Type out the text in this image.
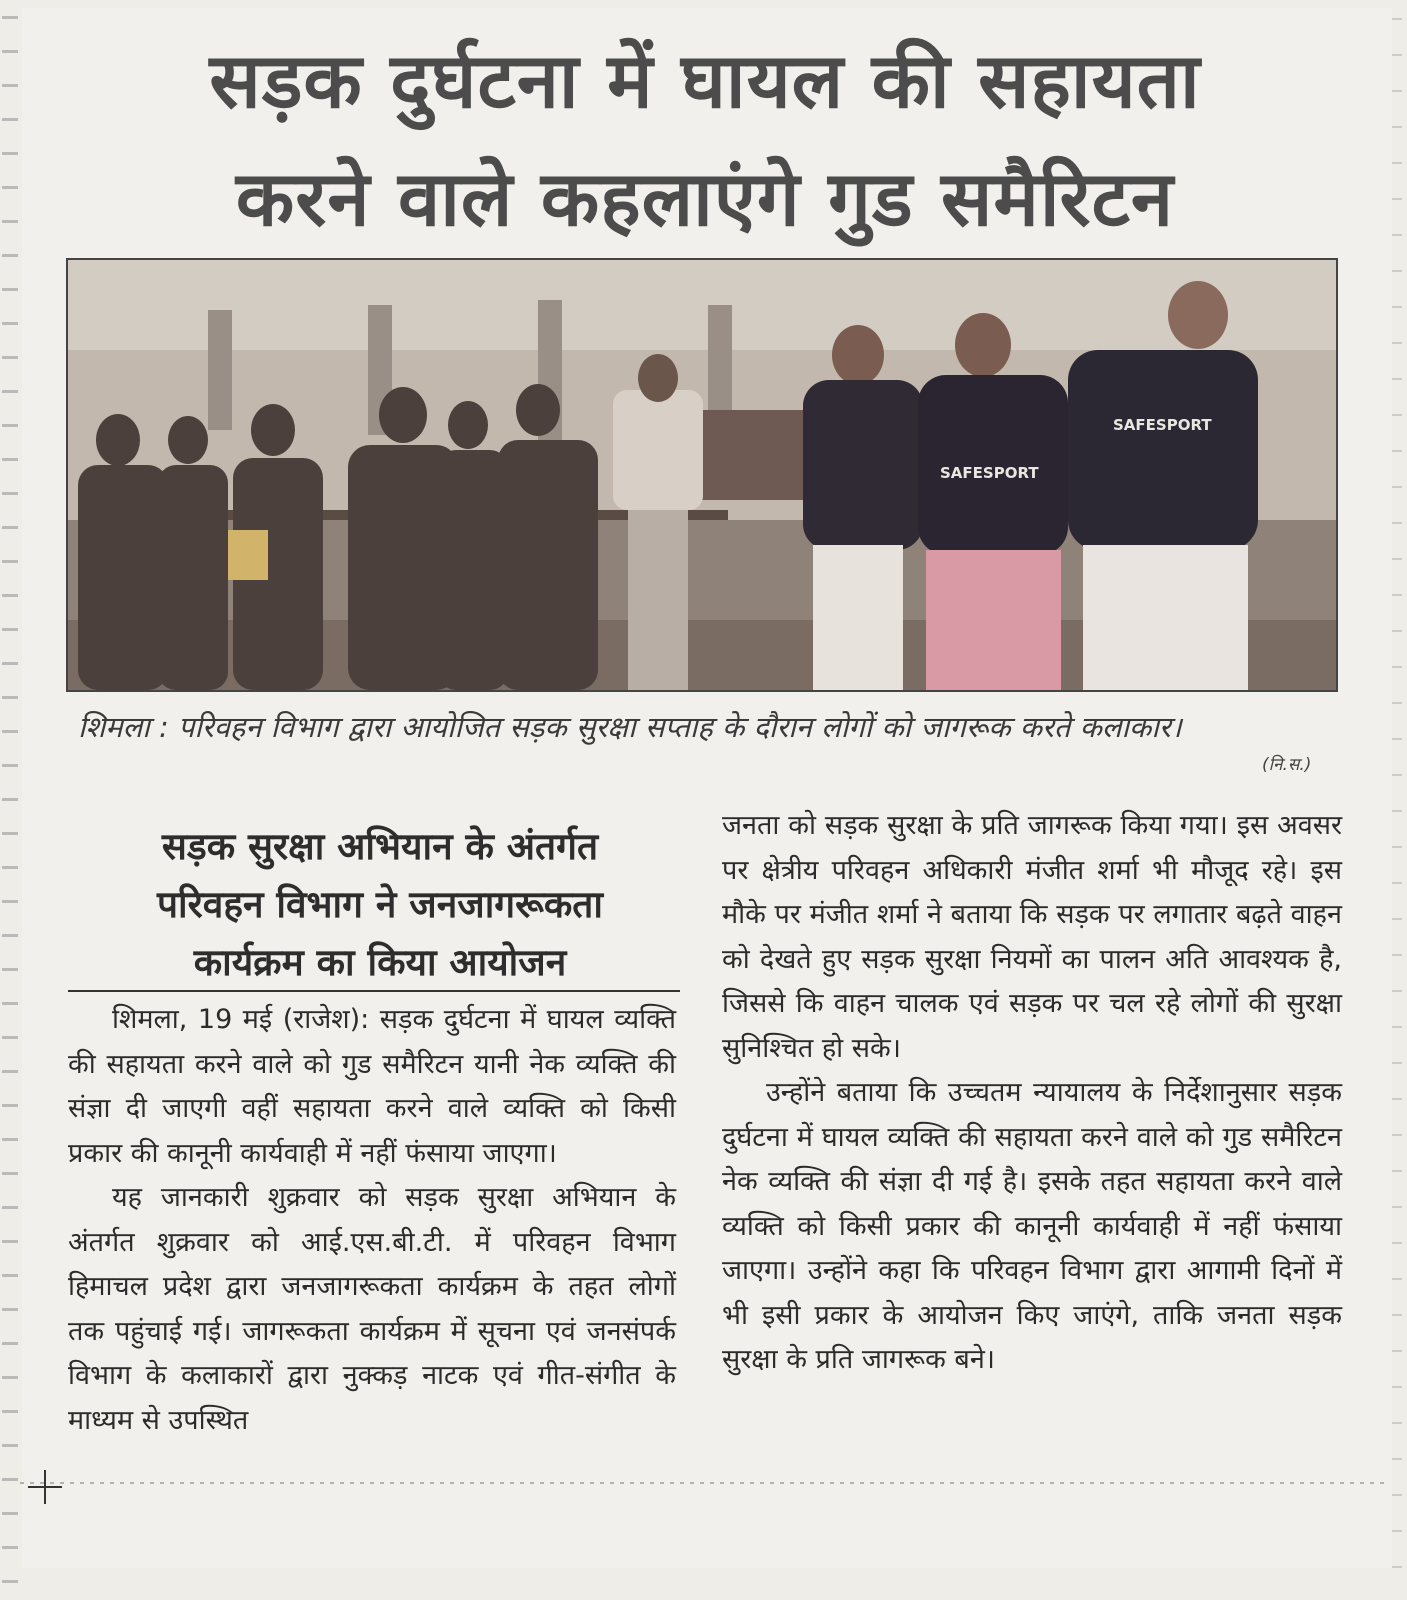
सड़क दुर्घटना में घायल की सहायता
करने वाले कहलाएंगे गुड समैरिटन
SAFESPORT
SAFESPORT
शिमला : परिवहन विभाग द्वारा आयोजित सड़क सुरक्षा सप्ताह के दौरान लोगों को जागरूक करते कलाकार।
(नि.स.)
सड़क सुरक्षा अभियान के अंतर्गत
परिवहन विभाग ने जनजागरूकता
कार्यक्रम का किया आयोजन

शिमला, 19 मई (राजेश): सड़क दुर्घटना में घायल व्यक्ति की सहायता करने वाले को गुड समैरिटन यानी नेक व्यक्ति की संज्ञा दी जाएगी वहीं सहायता करने वाले व्यक्ति को किसी प्रकार की कानूनी कार्यवाही में नहीं फंसाया जाएगा।

यह जानकारी शुक्रवार को सड़क सुरक्षा अभियान के अंतर्गत शुक्रवार को आई.एस.बी.टी. में परिवहन विभाग हिमाचल प्रदेश द्वारा जनजागरूकता कार्यक्रम के तहत लोगों तक पहुंचाई गई। जागरूकता कार्यक्रम में सूचना एवं जनसंपर्क विभाग के कलाकारों द्वारा नुक्कड़ नाटक एवं गीत-संगीत के माध्यम से उपस्थित

जनता को सड़क सुरक्षा के प्रति जागरूक किया गया। इस अवसर पर क्षेत्रीय परिवहन अधिकारी मंजीत शर्मा भी मौजूद रहे। इस मौके पर मंजीत शर्मा ने बताया कि सड़क पर लगातार बढ़ते वाहन को देखते हुए सड़क सुरक्षा नियमों का पालन अति आवश्यक है, जिससे कि वाहन चालक एवं सड़क पर चल रहे लोगों की सुरक्षा सुनिश्चित हो सके।

उन्होंने बताया कि उच्चतम न्यायालय के निर्देशानुसार सड़क दुर्घटना में घायल व्यक्ति की सहायता करने वाले को गुड समैरिटन नेक व्यक्ति की संज्ञा दी गई है। इसके तहत सहायता करने वाले व्यक्ति को किसी प्रकार की कानूनी कार्यवाही में नहीं फंसाया जाएगा। उन्होंने कहा कि परिवहन विभाग द्वारा आगामी दिनों में भी इसी प्रकार के आयोजन किए जाएंगे, ताकि जनता सड़क सुरक्षा के प्रति जागरूक बने।
